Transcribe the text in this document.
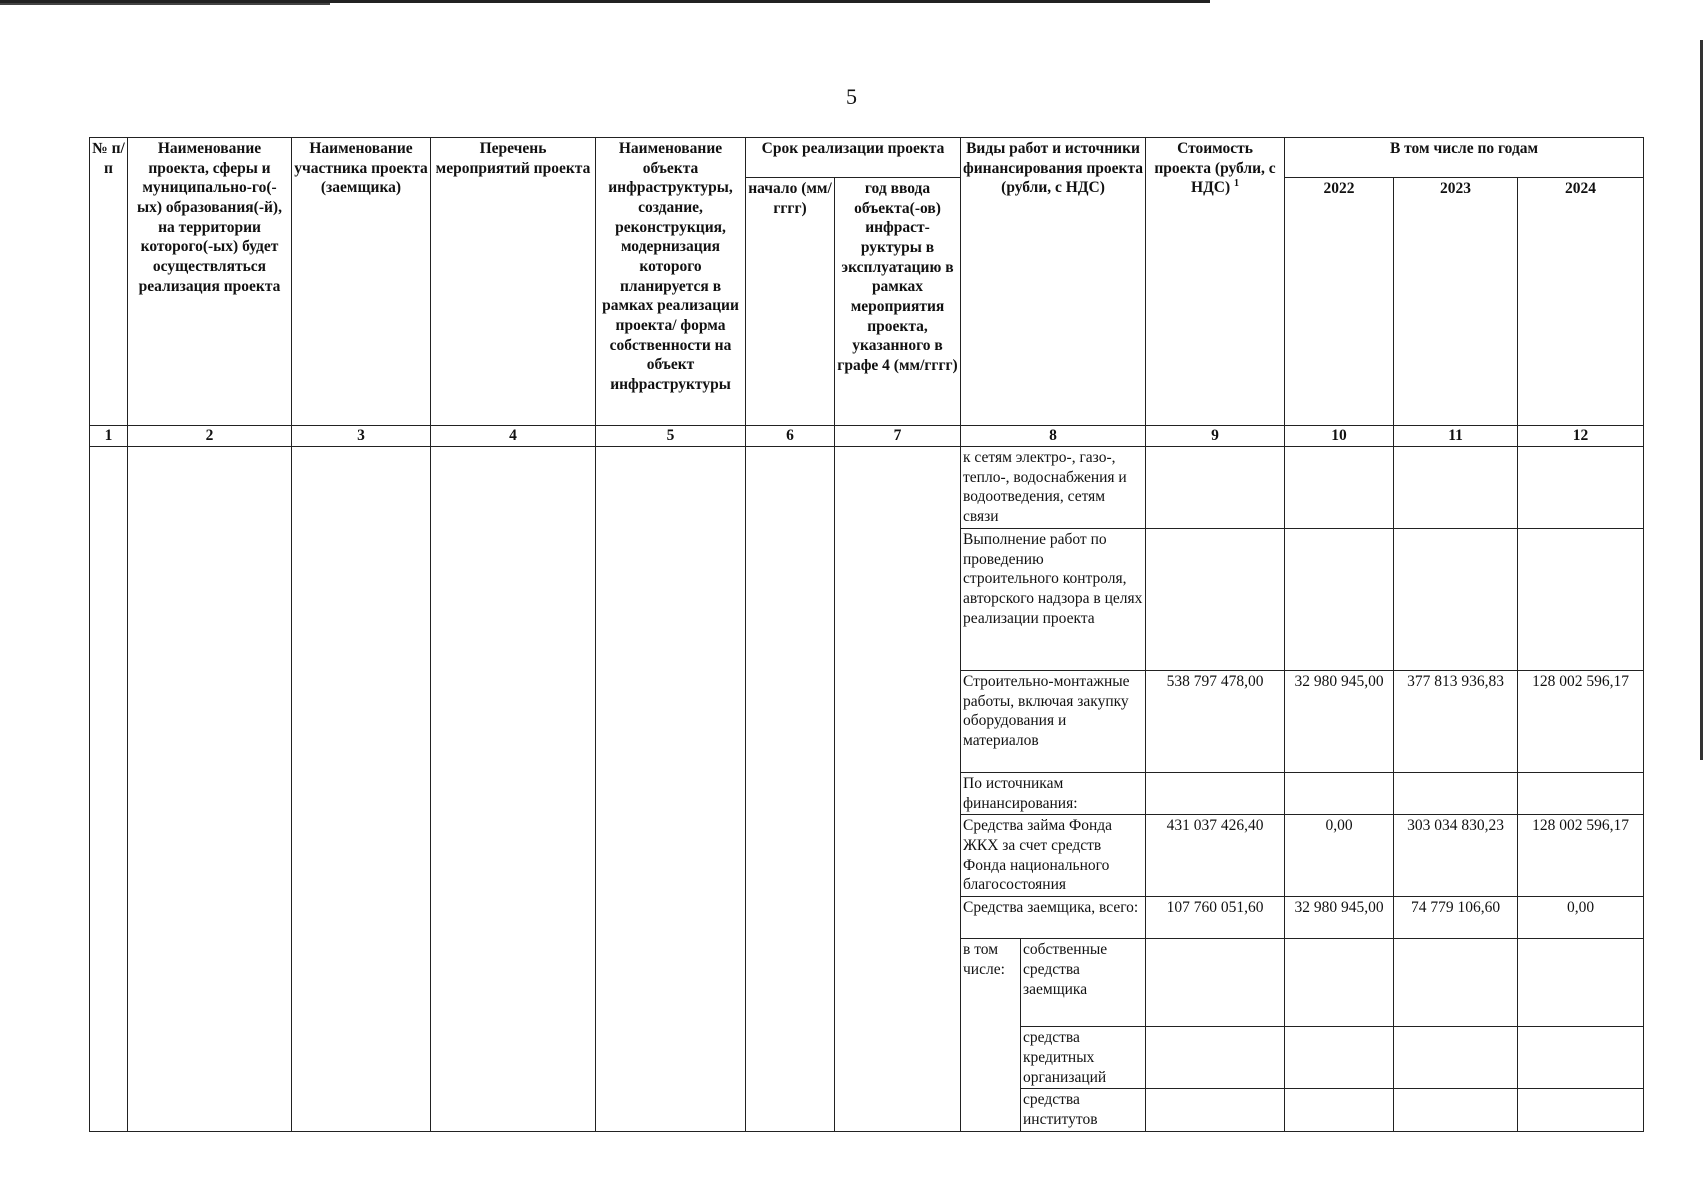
5
№ п/п	Наименование проекта, сферы и муниципально-го(-ых) образования(-й), на территории которого(-ых) будет осуществляться реализация проекта	Наименование участника проекта (заемщика)	Перечень мероприятий проекта	Наименование объекта инфраструктуры, создание, реконструкция, модернизация которого планируется в рамках реализации проекта/ форма собственности на объект инфраструктуры	Срок реализации проекта		Виды работ и источники финансирования проекта (рубли, с НДС)		Стоимость проекта (рубли, с НДС) $^1$	В том числе по годам		
					начало (мм/ гггг)	год ввода объекта(-ов) инфраст-руктуры в эксплуатацию в рамках мероприятия проекта, указанного в графе 4 (мм/гггг)				2022	2023	2024
1	2	3	4	5	6	7	8		9	10	11	12
							к сетям электро-, газо-, тепло-, водоснабжения и водоотведения, сетям связи					
							Выполнение работ по проведению строительного контроля, авторского надзора в целях реализации проекта					
							Строительно-монтажные работы, включая закупку оборудования и материалов		538 797 478,00	32 980 945,00	377 813 936,83	128 002 596,17
							По источникам финансирования:					
							Средства займа Фонда ЖКХ за счет средств Фонда национального благосостояния		431 037 426,40	0,00	303 034 830,23	128 002 596,17
							Средства заемщика, всего:		107 760 051,60	32 980 945,00	74 779 106,60	0,00
							в том числе:	собственные средства заемщика				
								средства кредитных организаций				
								средства институтов				
